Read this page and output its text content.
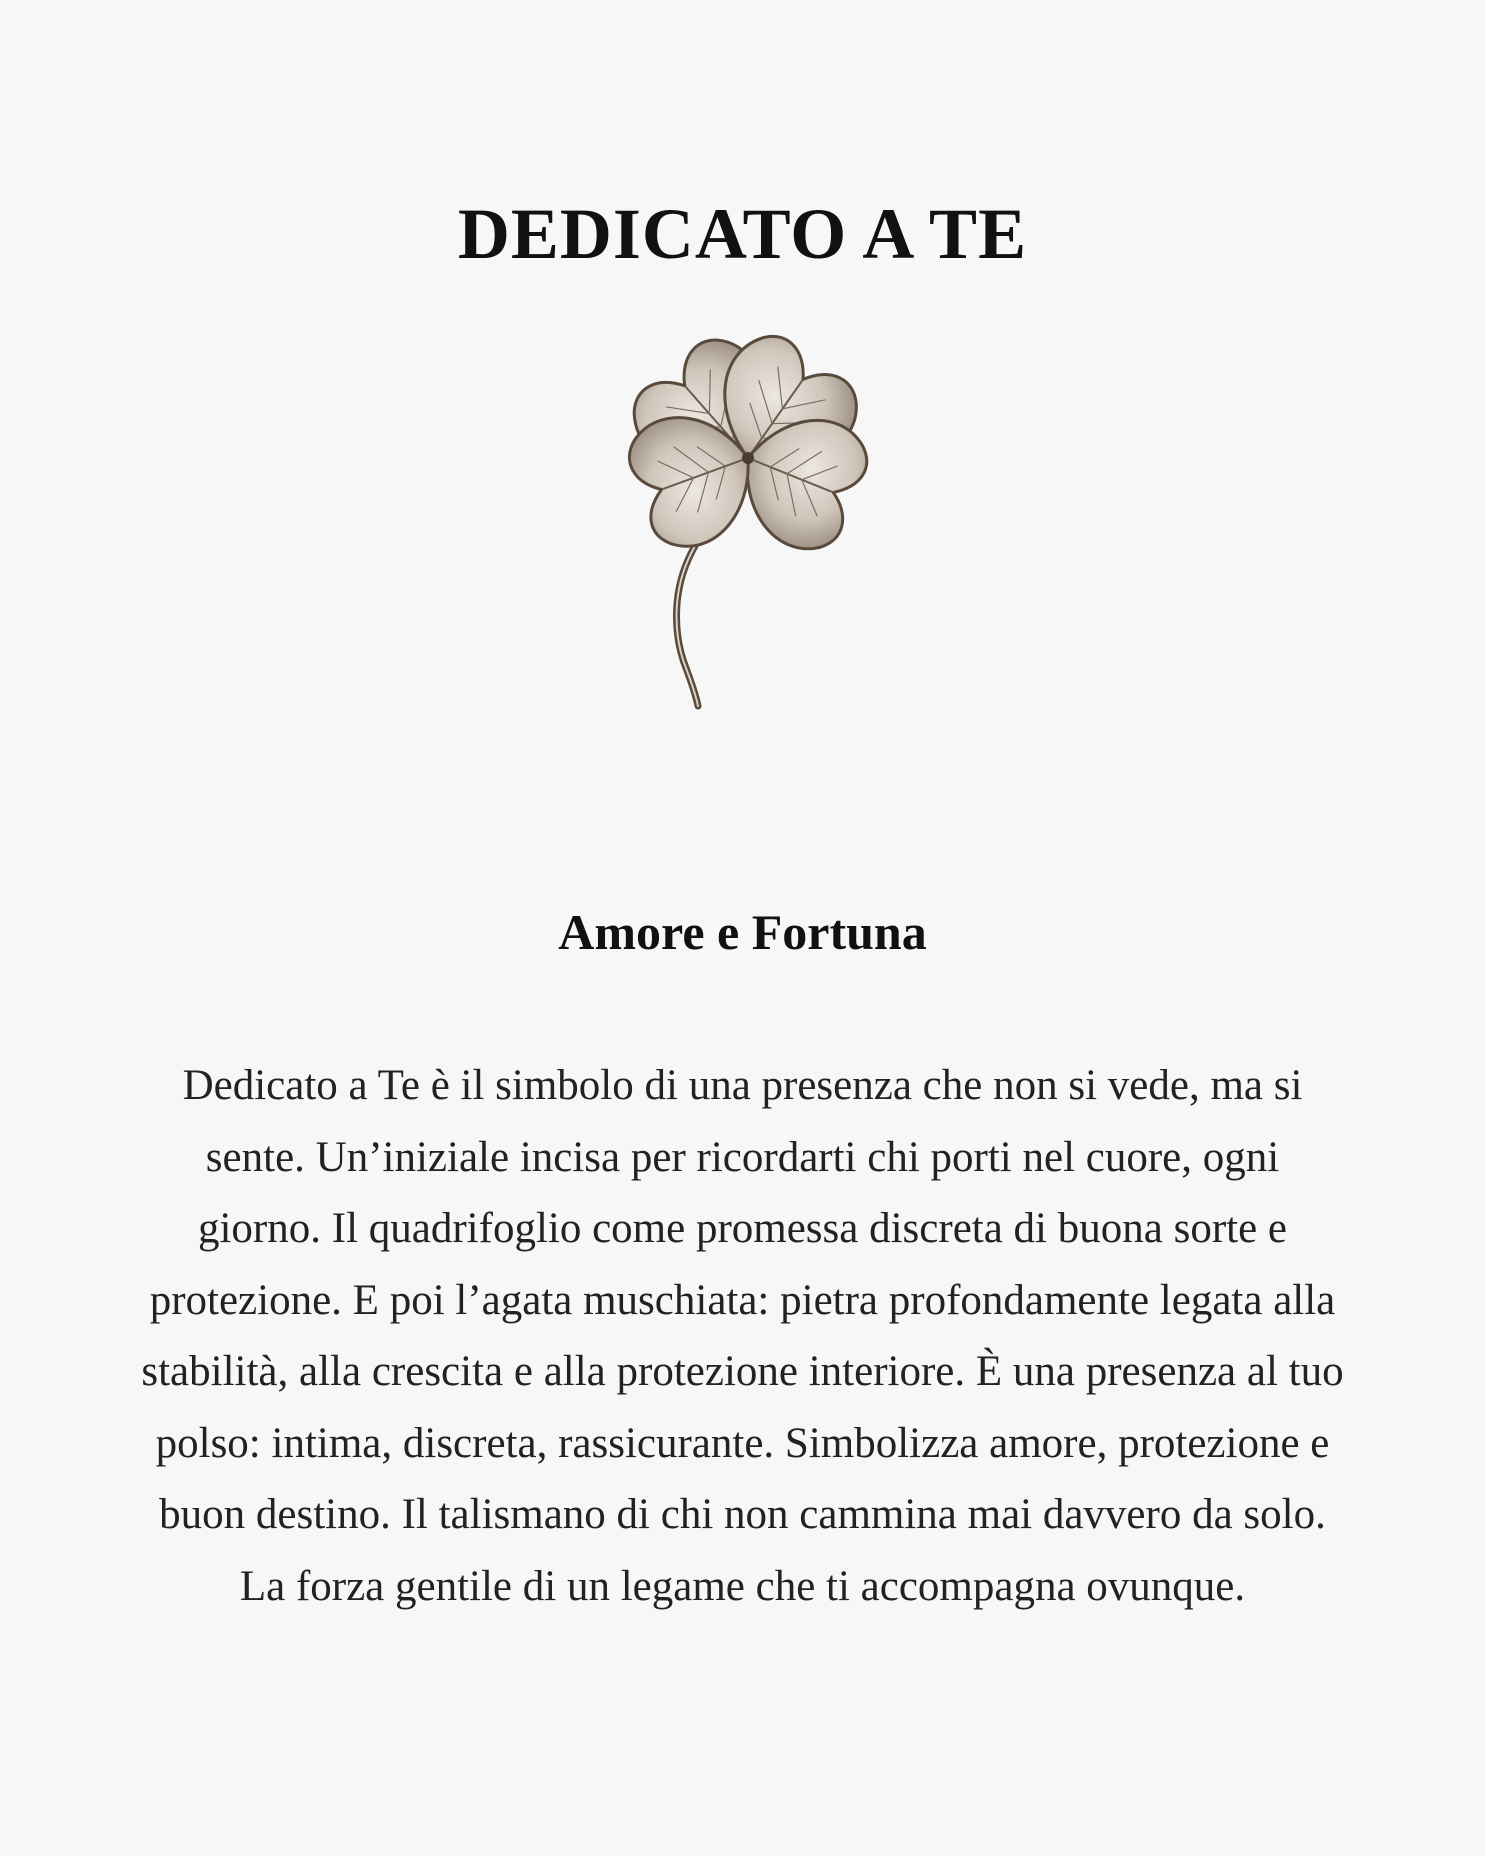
DEDICATO A TE
Amore e Fortuna

Dedicato a Te è il simbolo di una presenza che non si vede, ma si sente. Un’iniziale incisa per ricordarti chi porti nel cuore, ogni giorno. Il quadrifoglio come promessa discreta di buona sorte e protezione. E poi l’agata muschiata: pietra profondamente legata alla stabilità, alla crescita e alla protezione interiore. È una presenza al tuo polso: intima, discreta, rassicurante. Simbolizza amore, protezione e buon destino. Il talismano di chi non cammina mai davvero da solo. La forza gentile di un legame che ti accompagna ovunque.
